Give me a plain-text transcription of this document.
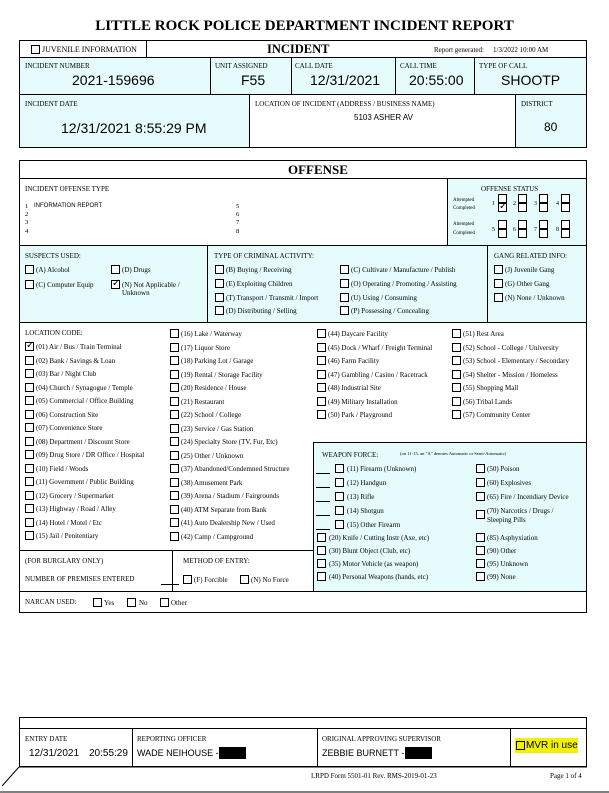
LITTLE ROCK POLICE DEPARTMENT INCIDENT REPORT
JUVENILE INFORMATION	INCIDENT	Report generated: 1/3/2022 10:00 AM
INCIDENT NUMBER
2021-159696
UNIT ASSIGNED
F55
CALL DATE
12/31/2021
CALL TIME
20:55:00
TYPE OF CALL
SHOOTP
INCIDENT DATE
12/31/2021 8:55:29 PM
LOCATION OF INCIDENT (ADDRESS / BUSINESS NAME)
5103 ASHER AV
DISTRICT
80
OFFENSE
INCIDENT OFFENSE TYPE	OFFENSE STATUS
1 INFORMATION REPORT
2
3
4
5
6
7
8
Attempted
Completed
Attempted
Completed
1 ✓	2	3	4
5	6	7	8
SUSPECTS USED:
(A) Alcohol	(D) Drugs
(C) Computer Equip ✓	(N) Not Applicable /
Unknown
TYPE OF CRIMINAL ACTIVITY:
(B) Buying / Receiving
(E) Exploiting Children
(T) Transport / Transmit / Import
(D) Distributing / Selling
(C) Cultivate / Manufacture / Publish
(O) Operating / Promoting / Assisting
(U) Using / Consuming
(P) Possessing / Concealing
GANG RELATED INFO:
(J) Juvenile Gang
(G) Other Gang
(N) None / Unknown
LOCATION CODE:
✓
(01) Air / Bus / Train Terminal
(02) Bank / Savings & Loan
(03) Bar / Night Club
(04) Church / Synagogue / Temple
(05) Commercial / Office Building
(06) Construction Site
(07) Convenience Store
(08) Department / Discount Store
(09) Drug Store / DR Office / Hospital
(10) Field / Woods
(11) Government / Public Building
(12) Grocery / Supermarket
(13) Highway / Road / Alley
(14) Hotel / Motel / Etc
(15) Jail / Penitentiary
(16) Lake / Waterway
(17) Liquor Store
(18) Parking Lot / Garage
(19) Rental / Storage Facility
(20) Residence / House
(21) Restaurant
(22) School / College
(23) Service / Gas Station
(24) Specialty Store (TV, Fur, Etc)
(25) Other / Unknown
(37) Abandoned/Condemned Structure
(38) Amusement Park
(39) Arena / Stadium / Fairgrounds
(40) ATM Separate from Bank
(41) Auto Dealership New / Used
(42) Camp / Campground
(44) Daycare Facility
(45) Dock / Wharf / Freight Terminal
(46) Farm Facility
(47) Gambling / Casino / Racetrack
(48) Industrial Site
(49) Military Installation
(50) Park / Playground
(51) Rest Area
(52) School - College / University
(53) School - Elementary / Secondary
(54) Shelter - Mission / Homeless
(55) Shopping Mall
(56) Tribal Lands
(57) Community Center
WEAPON FORCE:	(on 11-15, an "A" denotes Automatic or Semi-Automatic)
(11) Firearm (Unknown)
(12) Handgun
(13) Rifle
(14) Shotgun
(15) Other Firearm
(20) Knife / Cutting Instr (Axe, etc)
(30) Blunt Object (Club, etc)
(35) Motor Vehicle (as weapon)
(40) Personal Weapons (hands, etc)
(50) Poison
(60) Explosives
(65) Fire / Incendiary Device
(70) Narcotics / Drugs /
Sleeping Pills
(85) Asphyxiation
(90) Other
(95) Unknown
(99) None
(FOR BURGLARY ONLY)
NUMBER OF PREMISES ENTERED
METHOD OF ENTRY:
(F) Forcible	(N) No Force
NARCAN USED:	Yes	No	Other
ENTRY DATE
12/31/2021 20:55:29
REPORTING OFFICER
WADE NEIHOUSE -
ORIGINAL APPROVING SUPERVISOR
ZEBBIE BURNETT -
MVR in use
LRPD Form 5501-01 Rev. RMS-2019-01-23	Page 1 of 4
